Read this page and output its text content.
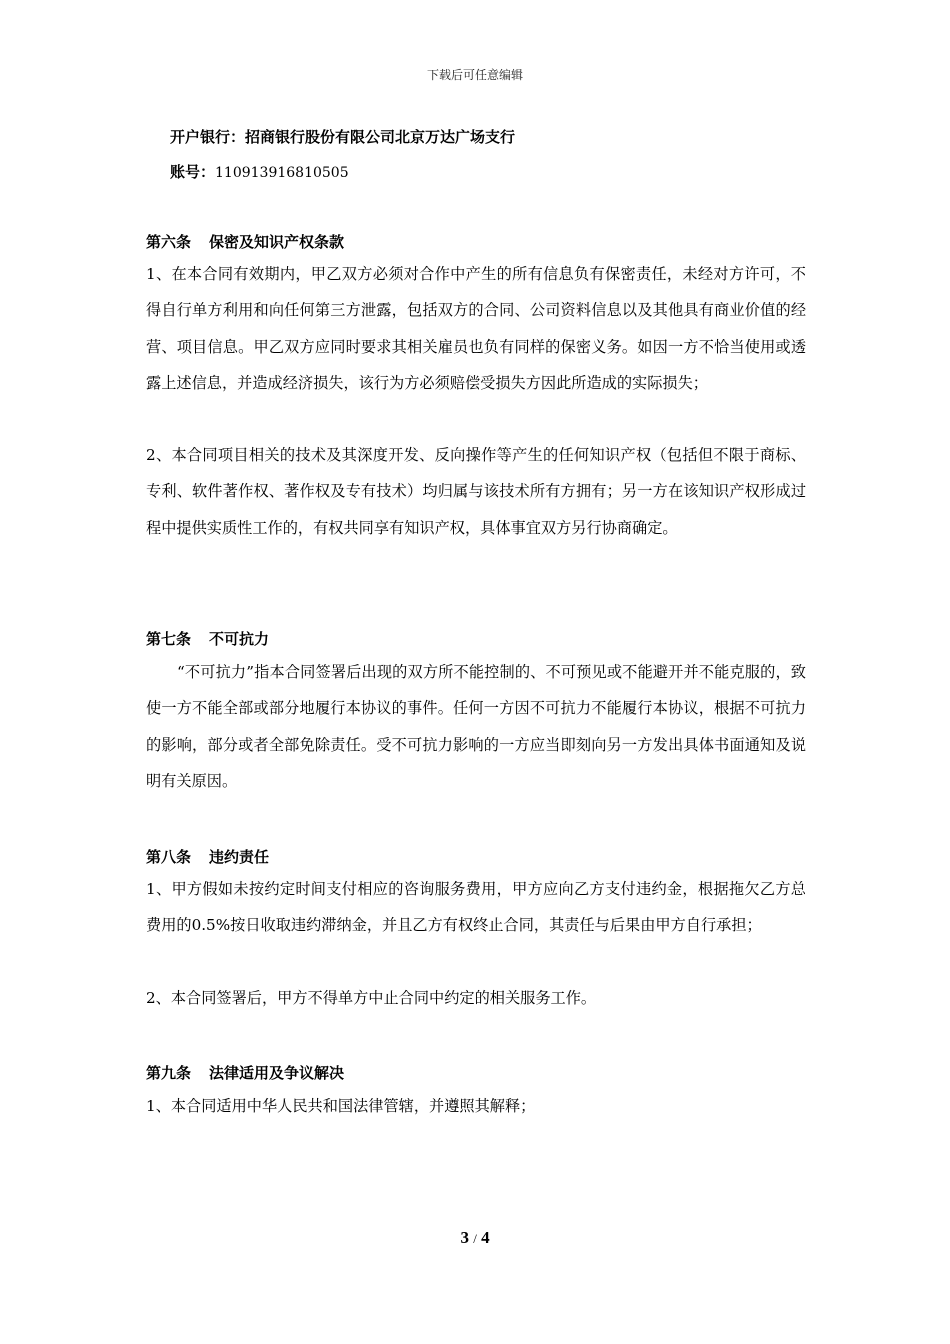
下载后可任意编辑
开户银行：招商银行股份有限公司北京万达广场支行
账号：110913916810505
第六条 保密及知识产权条款
1、在本合同有效期内，甲乙双方必须对合作中产生的所有信息负有保密责任，未经对方许可，不得自行单方利用和向任何第三方泄露，包括双方的合同、公司资料信息以及其他具有商业价值的经营、项目信息。甲乙双方应同时要求其相关雇员也负有同样的保密义务。如因一方不恰当使用或透露上述信息，并造成经济损失，该行为方必须赔偿受损失方因此所造成的实际损失；
2、本合同项目相关的技术及其深度开发、反向操作等产生的任何知识产权（包括但不限于商标、专利、软件著作权、著作权及专有技术）均归属与该技术所有方拥有；另一方在该知识产权形成过程中提供实质性工作的，有权共同享有知识产权，具体事宜双方另行协商确定。
第七条 不可抗力
“不可抗力”指本合同签署后出现的双方所不能控制的、不可预见或不能避开并不能克服的，致使一方不能全部或部分地履行本协议的事件。任何一方因不可抗力不能履行本协议，根据不可抗力的影响，部分或者全部免除责任。受不可抗力影响的一方应当即刻向另一方发出具体书面通知及说明有关原因。
第八条 违约责任
1、甲方假如未按约定时间支付相应的咨询服务费用，甲方应向乙方支付违约金，根据拖欠乙方总费用的0.5%按日收取违约滞纳金，并且乙方有权终止合同，其责任与后果由甲方自行承担；
2、本合同签署后，甲方不得单方中止合同中约定的相关服务工作。
第九条 法律适用及争议解决
1、本合同适用中华人民共和国法律管辖，并遵照其解释；
3 / 4
